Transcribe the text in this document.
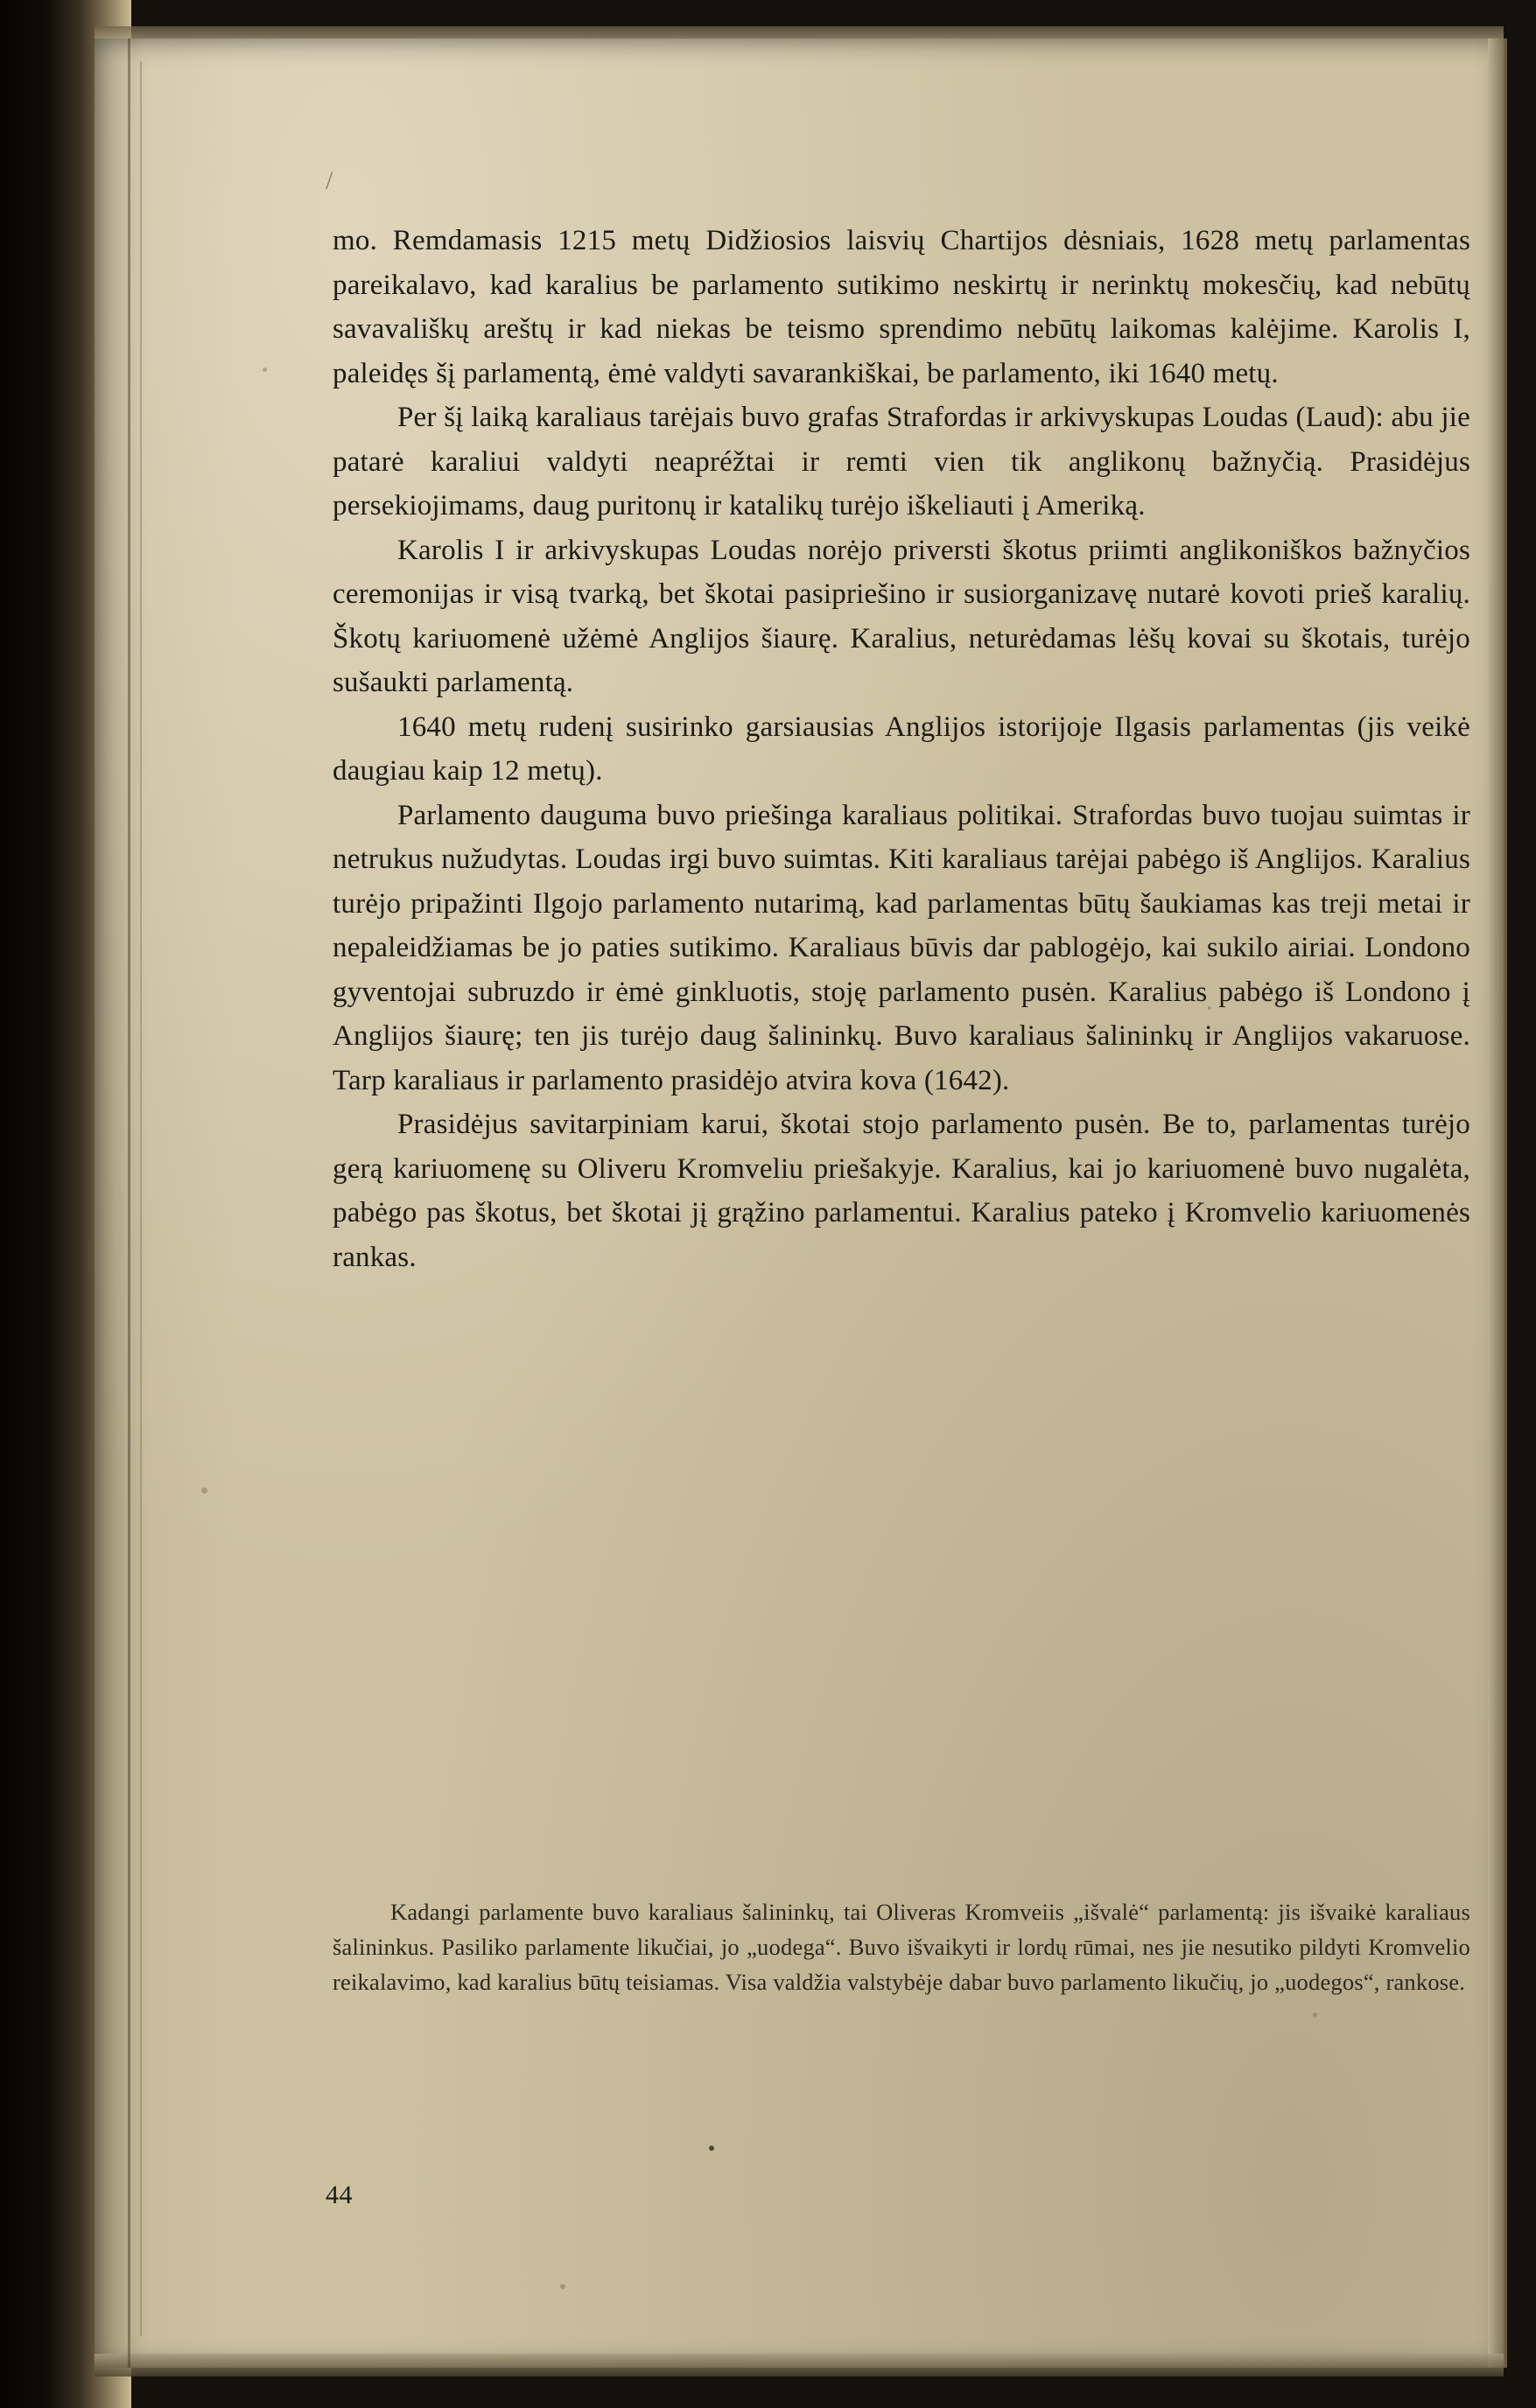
/

mo. Remdamasis 1215 metų Didžiosios laisvių Chartijos dėsniais, 1628 metų parlamentas pareikalavo, kad karalius be parlamento sutikimo neskirtų ir nerinktų mokesčių, kad nebūtų savavališkų areštų ir kad niekas be teismo sprendimo nebūtų laikomas kalėjime. Karolis I, paleidęs šį parlamentą, ėmė valdyti savarankiškai, be parlamento, iki 1640 metų.

Per šį laiką karaliaus tarėjais buvo grafas Strafordas ir arkivyskupas Loudas (Laud): abu jie patarė karaliui valdyti neapréžtai ir remti vien tik anglikonų bažnyčią. Prasidėjus persekiojimams, daug puritonų ir katalikų turėjo iškeliauti į Ameriką.

Karolis I ir arkivyskupas Loudas norėjo priversti škotus priimti anglikoniškos bažnyčios ceremonijas ir visą tvarką, bet škotai pasipriešino ir susiorganizavę nutarė kovoti prieš karalių. Škotų kariuomenė užėmė Anglijos šiaurę. Karalius, neturėdamas lėšų kovai su škotais, turėjo sušaukti parlamentą.

1640 metų rudenį susirinko garsiausias Anglijos istorijoje Ilgasis parlamentas (jis veikė daugiau kaip 12 metų).

Parlamento dauguma buvo priešinga karaliaus politikai. Strafordas buvo tuojau suimtas ir netrukus nužudytas. Loudas irgi buvo suimtas. Kiti karaliaus tarėjai pabėgo iš Anglijos. Karalius turėjo pripažinti Ilgojo parlamento nutarimą, kad parlamentas būtų šaukiamas kas treji metai ir nepaleidžiamas be jo paties sutikimo. Karaliaus būvis dar pablogėjo, kai sukilo airiai. Londono gyventojai subruzdo ir ėmė ginkluotis, stoję parlamento pusėn. Karalius pabėgo iš Londono į Anglijos šiaurę; ten jis turėjo daug šalininkų. Buvo karaliaus šalininkų ir Anglijos vakaruose. Tarp karaliaus ir parlamento prasidėjo atvira kova (1642).

Prasidėjus savitarpiniam karui, škotai stojo parlamento pusėn. Be to, parlamentas turėjo gerą kariuomenę su Oliveru Kromveliu priešakyje. Karalius, kai jo kariuomenė buvo nugalėta, pabėgo pas škotus, bet škotai jį grąžino parlamentui. Karalius pateko į Kromvelio kariuomenės rankas.

Kadangi parlamente buvo karaliaus šalininkų, tai Oliveras Kromveiis „išvalė“ parlamentą: jis išvaikė karaliaus šalininkus. Pasiliko parlamente likučiai, jo „uodega“. Buvo išvaikyti ir lordų rūmai, nes jie nesutiko pildyti Kromvelio reikalavimo, kad karalius būtų teisiamas. Visa valdžia valstybėje dabar buvo parlamento likučių, jo „uodegos“, rankose.

44
